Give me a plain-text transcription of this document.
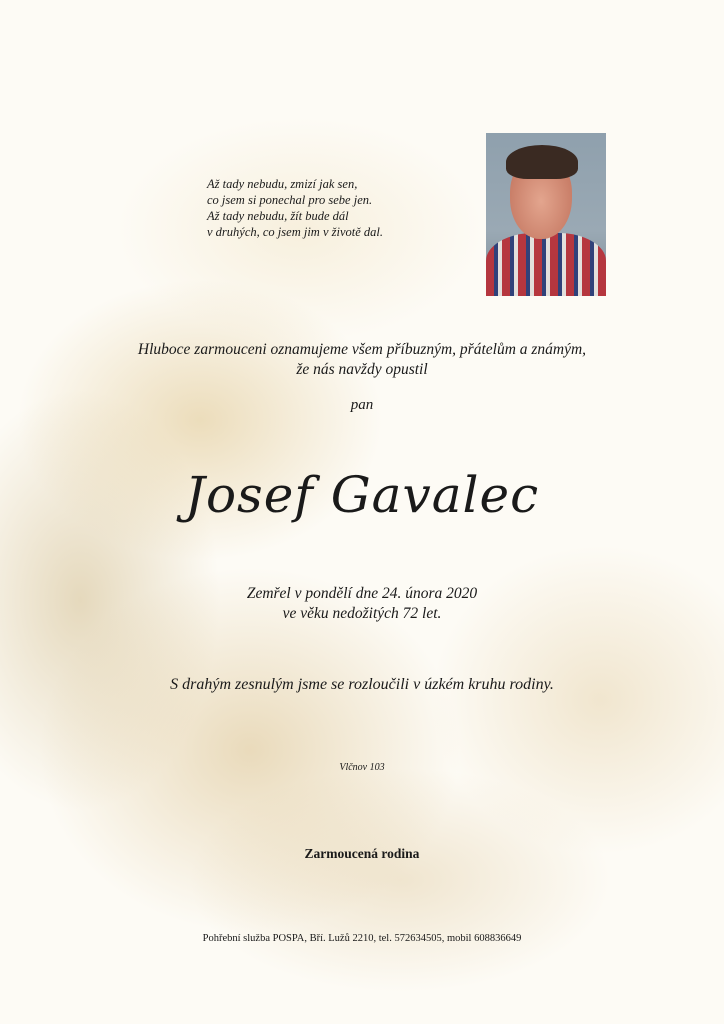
Až tady nebudu, zmizí jak sen,
co jsem si ponechal pro sebe jen.
Až tady nebudu, žít bude dál
v druhých, co jsem jim v životě dal.
Hluboce zarmouceni oznamujeme všem příbuzným, přátelům a známým,
že nás navždy opustil
pan
Josef Gavalec
Zemřel v pondělí dne 24. února 2020
ve věku nedožitých 72 let.
S drahým zesnulým jsme se rozloučili v úzkém kruhu rodiny.
Vlčnov 103
Zarmoucená rodina
Pohřební služba POSPA, Bří. Lužů 2210, tel. 572634505, mobil 608836649
